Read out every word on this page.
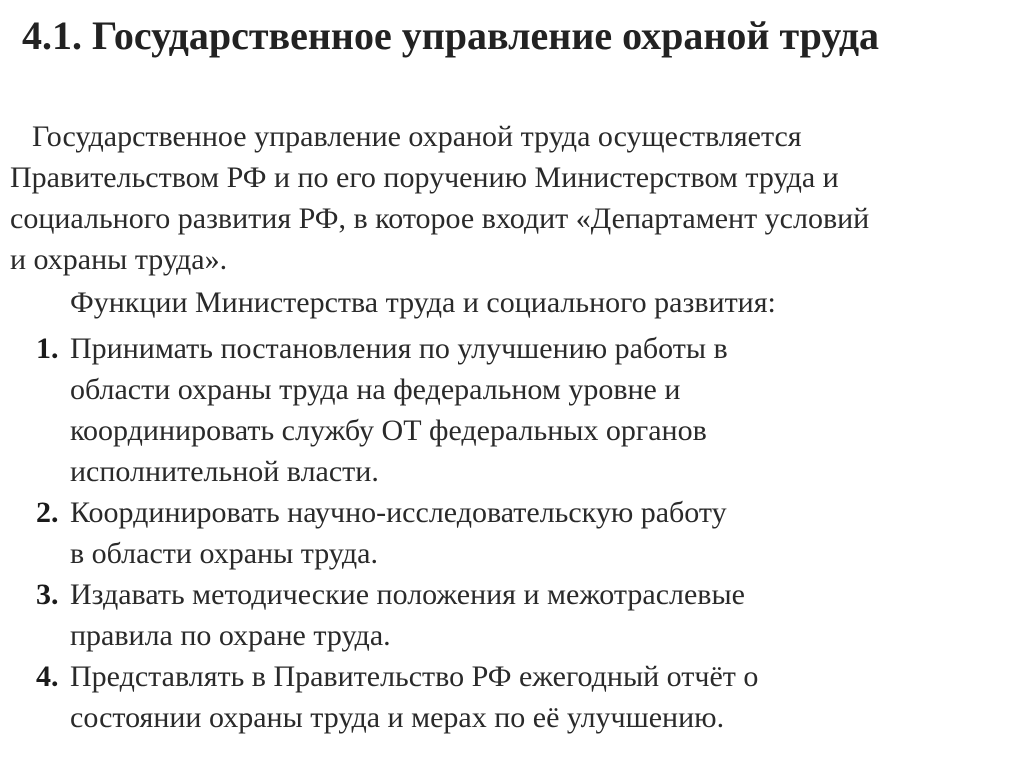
4.1. Государственное управление охраной труда

Государственное управление охраной труда осуществляется
Правительством РФ и по его поручению Министерством труда и
социального развития РФ, в которое входит «Департамент условий
и охраны труда».

Функции Министерства труда и социального развития:

1. Принимать постановления по улучшению работы в
области охраны труда на федеральном уровне и
координировать службу ОТ федеральных органов
исполнительной власти.
2. Координировать научно-исследовательскую работу
в области охраны труда.
3. Издавать методические положения и межотраслевые
правила по охране труда.
4. Представлять в Правительство РФ ежегодный отчёт о
состоянии охраны труда и мерах по её улучшению.
